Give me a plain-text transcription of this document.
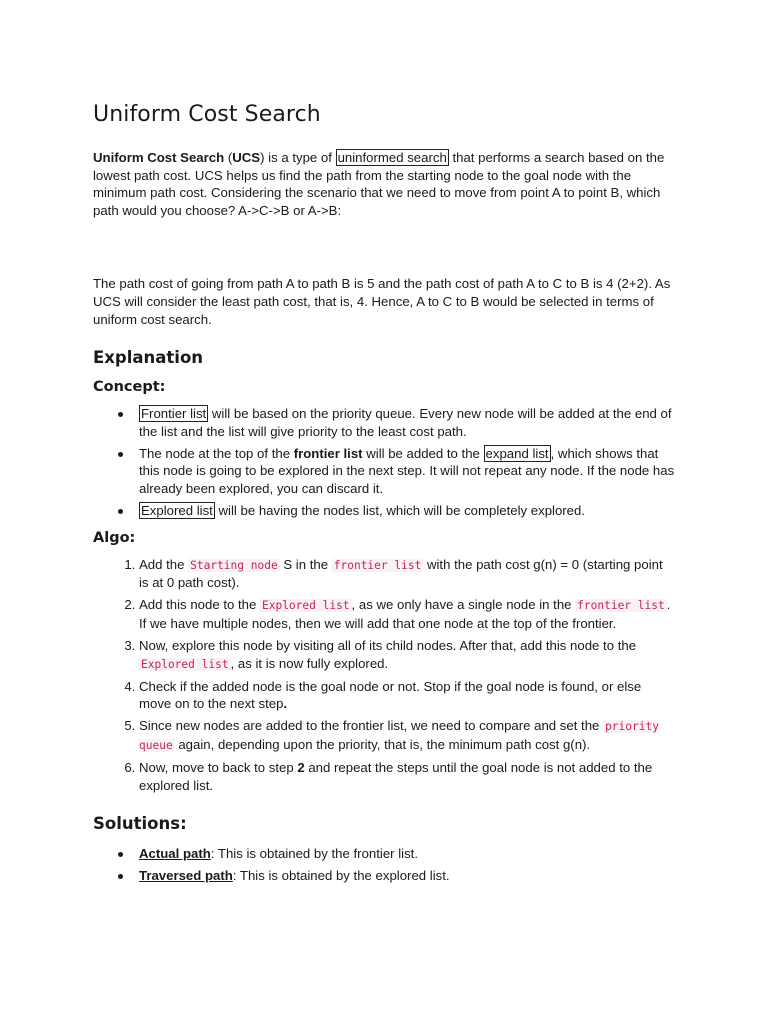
Uniform Cost Search

Uniform Cost Search (UCS) is a type of uninformed search that performs a search based on the lowest path cost. UCS helps us find the path from the starting node to the goal node with the minimum path cost. Considering the scenario that we need to move from point A to point B, which path would you choose? A->C->B or A->B:

The path cost of going from path A to path B is 5 and the path cost of path A to C to B is 4 (2+2). As UCS will consider the least path cost, that is, 4. Hence, A to C to B would be selected in terms of uniform cost search.

Explanation
Concept:
Frontier list will be based on the priority queue. Every new node will be added at the end of the list and the list will give priority to the least cost path.
The node at the top of the frontier list will be added to the expand list , which shows that this node is going to be explored in the next step. It will not repeat any node. If the node has already been explored, you can discard it.
Explored list will be having the nodes list, which will be completely explored.
Algo:
1. Add the Starting node S in the frontier list with the path cost g(n) = 0 (starting point is at 0 path cost).
2. Add this node to the Explored list , as we only have a single node in the frontier list . If we have multiple nodes, then we will add that one node at the top of the frontier.
3. Now, explore this node by visiting all of its child nodes. After that, add this node to the Explored list , as it is now fully explored.
4. Check if the added node is the goal node or not. Stop if the goal node is found, or else move on to the next step.
5. Since new nodes are added to the frontier list, we need to compare and set the priority queue again, depending upon the priority, that is, the minimum path cost g(n).
6. Now, move to back to step 2 and repeat the steps until the goal node is not added to the explored list.
Solutions:
Actual path: This is obtained by the frontier list.
Traversed path: This is obtained by the explored list.
